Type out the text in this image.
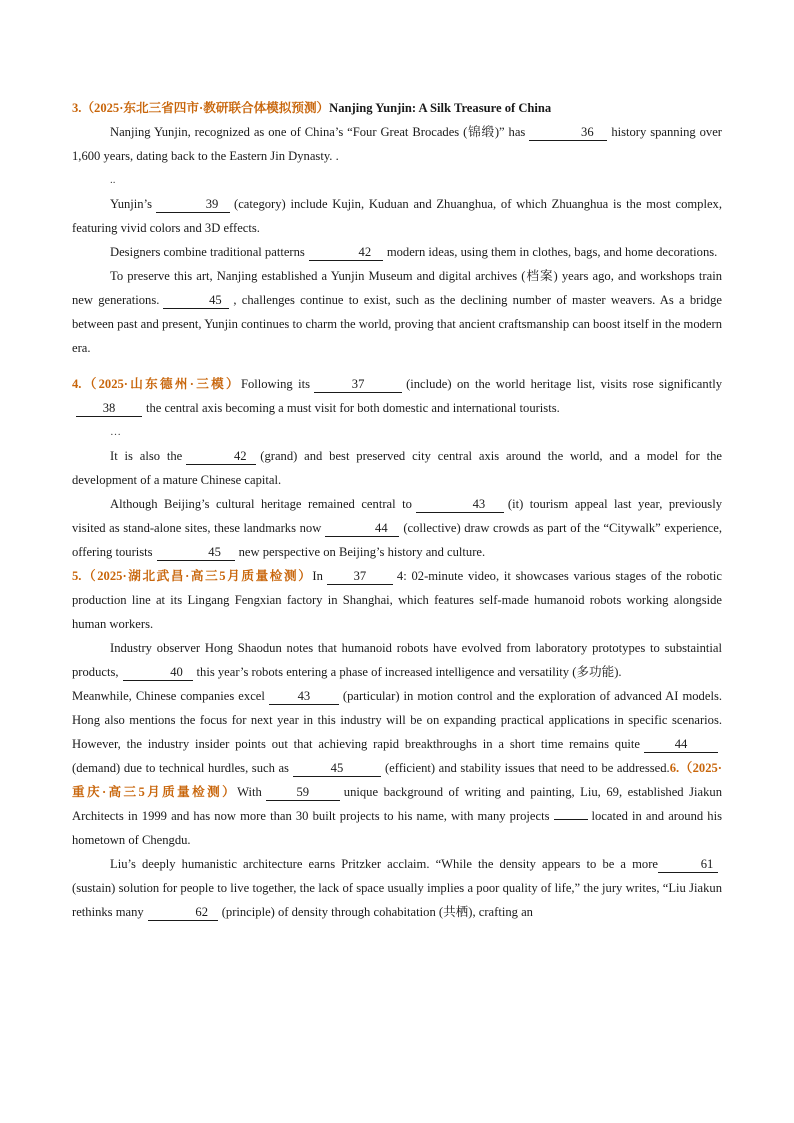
3.（2025·东北三省四市·教研联合体模拟预测）Nanjing Yunjin: A Silk Treasure of China

Nanjing Yunjin, recognized as one of China’s “Four Great Brocades (锦缎)” has	36 history spanning over 1,600 years, dating back to the Eastern Jin Dynasty. .

..

Yunjin’s	39 (category) include Kujin, Kuduan and Zhuanghua, of which Zhuanghua is the most complex, featuring vivid colors and 3D effects.

Designers combine traditional patterns	42 modern ideas, using them in clothes, bags, and home decorations.

To preserve this art, Nanjing established a Yunjin Museum and digital archives (档案) years ago, and workshops train new generations.	45 , challenges continue to exist, such as the declining number of master weavers. As a bridge between past and present, Yunjin continues to charm the world, proving that ancient craftsmanship can boost itself in the modern era.

4.（2025·山东德州·三模）Following its	37	(include) on the world heritage list, visits rose significantly38 the central axis becoming a must visit for both domestic and international tourists.

…

It is also the	42 (grand) and best preserved city central axis around the world, and a model for the development of a mature Chinese capital.

Although Beijing’s cultural heritage remained central to	43 (it) tourism appeal last year, previously visited as stand-alone sites, these landmarks now	44 (collective) draw crowds as part of the “Citywalk” experience, offering tourists	45 new perspective on Beijing’s history and culture.

5.（2025·湖北武昌·高三5月质量检测）In 37 4: 02-minute video, it showcases various stages of the robotic production line at its Lingang Fengxian factory in Shanghai, which features self-made humanoid robots working alongside human workers.

Industry observer Hong Shaodun notes that humanoid robots have evolved from laboratory prototypes to substaintial products,	40 this year’s robots entering a phase of increased intelligence and versatility (多功能).

Meanwhile, Chinese companies excel	43	(particular) in motion control and the exploration of advanced AI models. Hong also mentions the focus for next year in this industry will be on expanding practical applications in specific scenarios. However, the industry insider points out that achieving rapid breakthroughs in a short time remains quite	44(demand) due to technical hurdles, such as	45	(efficient) and stability issues that need to be addressed.6.（2025·重庆·高三5月质量检测）With	59	unique background of writing and painting, Liu, 69, established Jiakun Architects in 1999 and has now more than 30 built projects to his name, with many projects	located in and around his hometown of Chengdu.

Liu’s deeply humanistic architecture earns Pritzker acclaim. “While the density appears to be a more	61(sustain) solution for people to live together, the lack of space usually implies a poor quality of life,” the jury writes, “Liu Jiakun rethinks many	62 (principle) of density through cohabitation (共栖), crafting an
